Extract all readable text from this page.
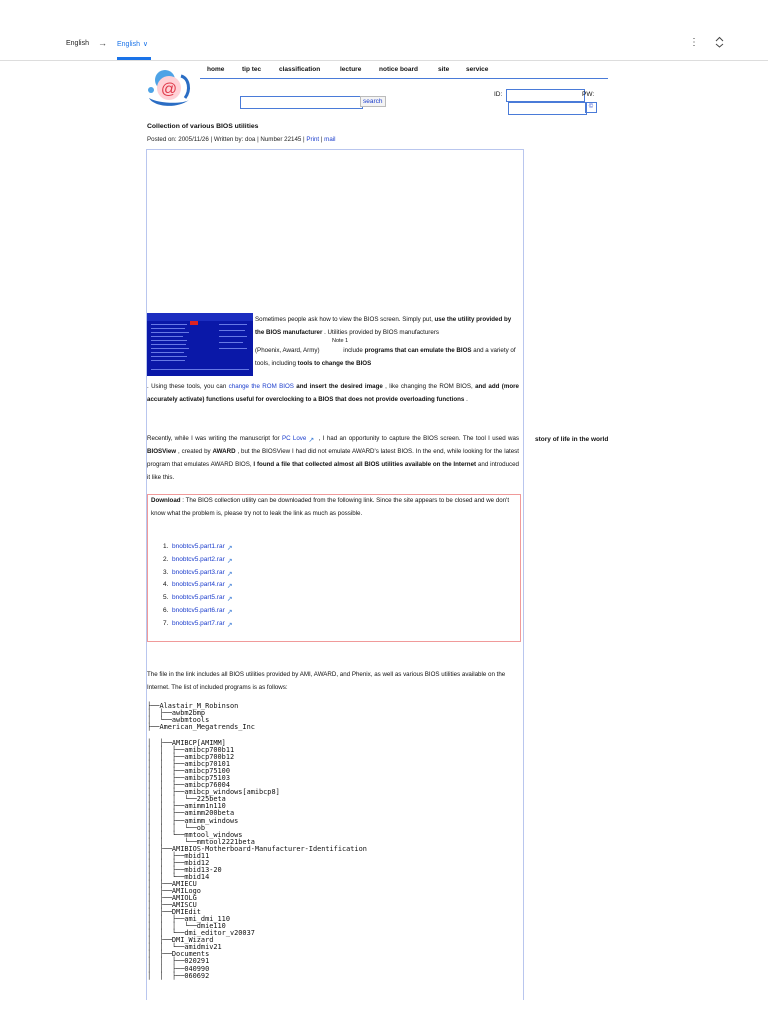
English → English ∨	⋮
@
home	tip tec	classification	lecture	notice board	site	service
search
ID:	PW:
©
Collection of various BIOS utilities
Posted on: 2005/11/26 | Written by: doa | Number 22145 | Print | mail
Sometimes people ask how to view the BIOS screen. Simply put, use the utility provided by the BIOS manufacturer . Utilities provided by BIOS manufacturers
Note 1
(Phoenix, Award, Army)	include programs that can emulate the BIOS and a variety of tools, including tools to change the BIOS
. Using these tools, you can change the ROM BIOS and insert the desired image , like changing the ROM BIOS, and add (more accurately activate) functions useful for overclocking to a BIOS that does not provide overloading functions .
Recently, while I was writing the manuscript for PC Love ↗ , I had an opportunity to capture the BIOS screen. The tool I used was BIOSView , created by AWARD , but the BIOSView I had did not emulate AWARD's latest BIOS. In the end, while looking for the latest program that emulates AWARD BIOS, I found a file that collected almost all BIOS utilities available on the Internet and introduced it like this.
story of life in the world
Download : The BIOS collection utility can be downloaded from the following link. Since the site appears to be closed and we don't know what the problem is, please try not to leak the link as much as possible.
1. bnobtcv5.part1.rar ↗
2. bnobtcv5.part2.rar ↗
3. bnobtcv5.part3.rar ↗
4. bnobtcv5.part4.rar ↗
5. bnobtcv5.part5.rar ↗
6. bnobtcv5.part6.rar ↗
7. bnobtcv5.part7.rar ↗
The file in the link includes all BIOS utilities provided by AMI, AWARD, and Phenix, as well as various BIOS utilities available on the Internet. The list of included programs is as follows:
├──Alastair_M_Robinson
│  ├──awbm2bmp
│  └──awbmtools
├──American_Megatrends_Inc
│  ├──AMIBCP[AMIMM]
│  │  ├──amibcp700b11
│  │  ├──amibcp700b12
│  │  ├──amibcp70101
│  │  ├──amibcp75100
│  │  ├──amibcp75103
│  │  ├──amibcp76004
│  │  ├──amibcp_windows[amibcp8]
│  │  │  └──225beta
│  │  ├──amimm1n110
│  │  ├──amimm200beta
│  │  ├──amimm_windows
│  │  │  └──ob
│  │  └──mmtool_windows
│  │     └──mmtool2221beta
│  ├──AMIBIOS-Motherboard-Manufacturer-Identification
│  │  ├──mbid11
│  │  ├──mbid12
│  │  ├──mbid13-20
│  │  └──mbid14
│  ├──AMIECU
│  ├──AMILogo
│  ├──AMIOLG
│  ├──AMISCU
│  ├──DMIEdit
│  │  ├──ami_dmi_110
│  │  │  └──dmie110
│  │  └──dmi_editor_v20037
│  ├──DMI_Wizard
│  │  └──amidmiv21
│  ├──Documents
│  │  ├──020291
│  │  ├──040990
│  │  ├──060692
